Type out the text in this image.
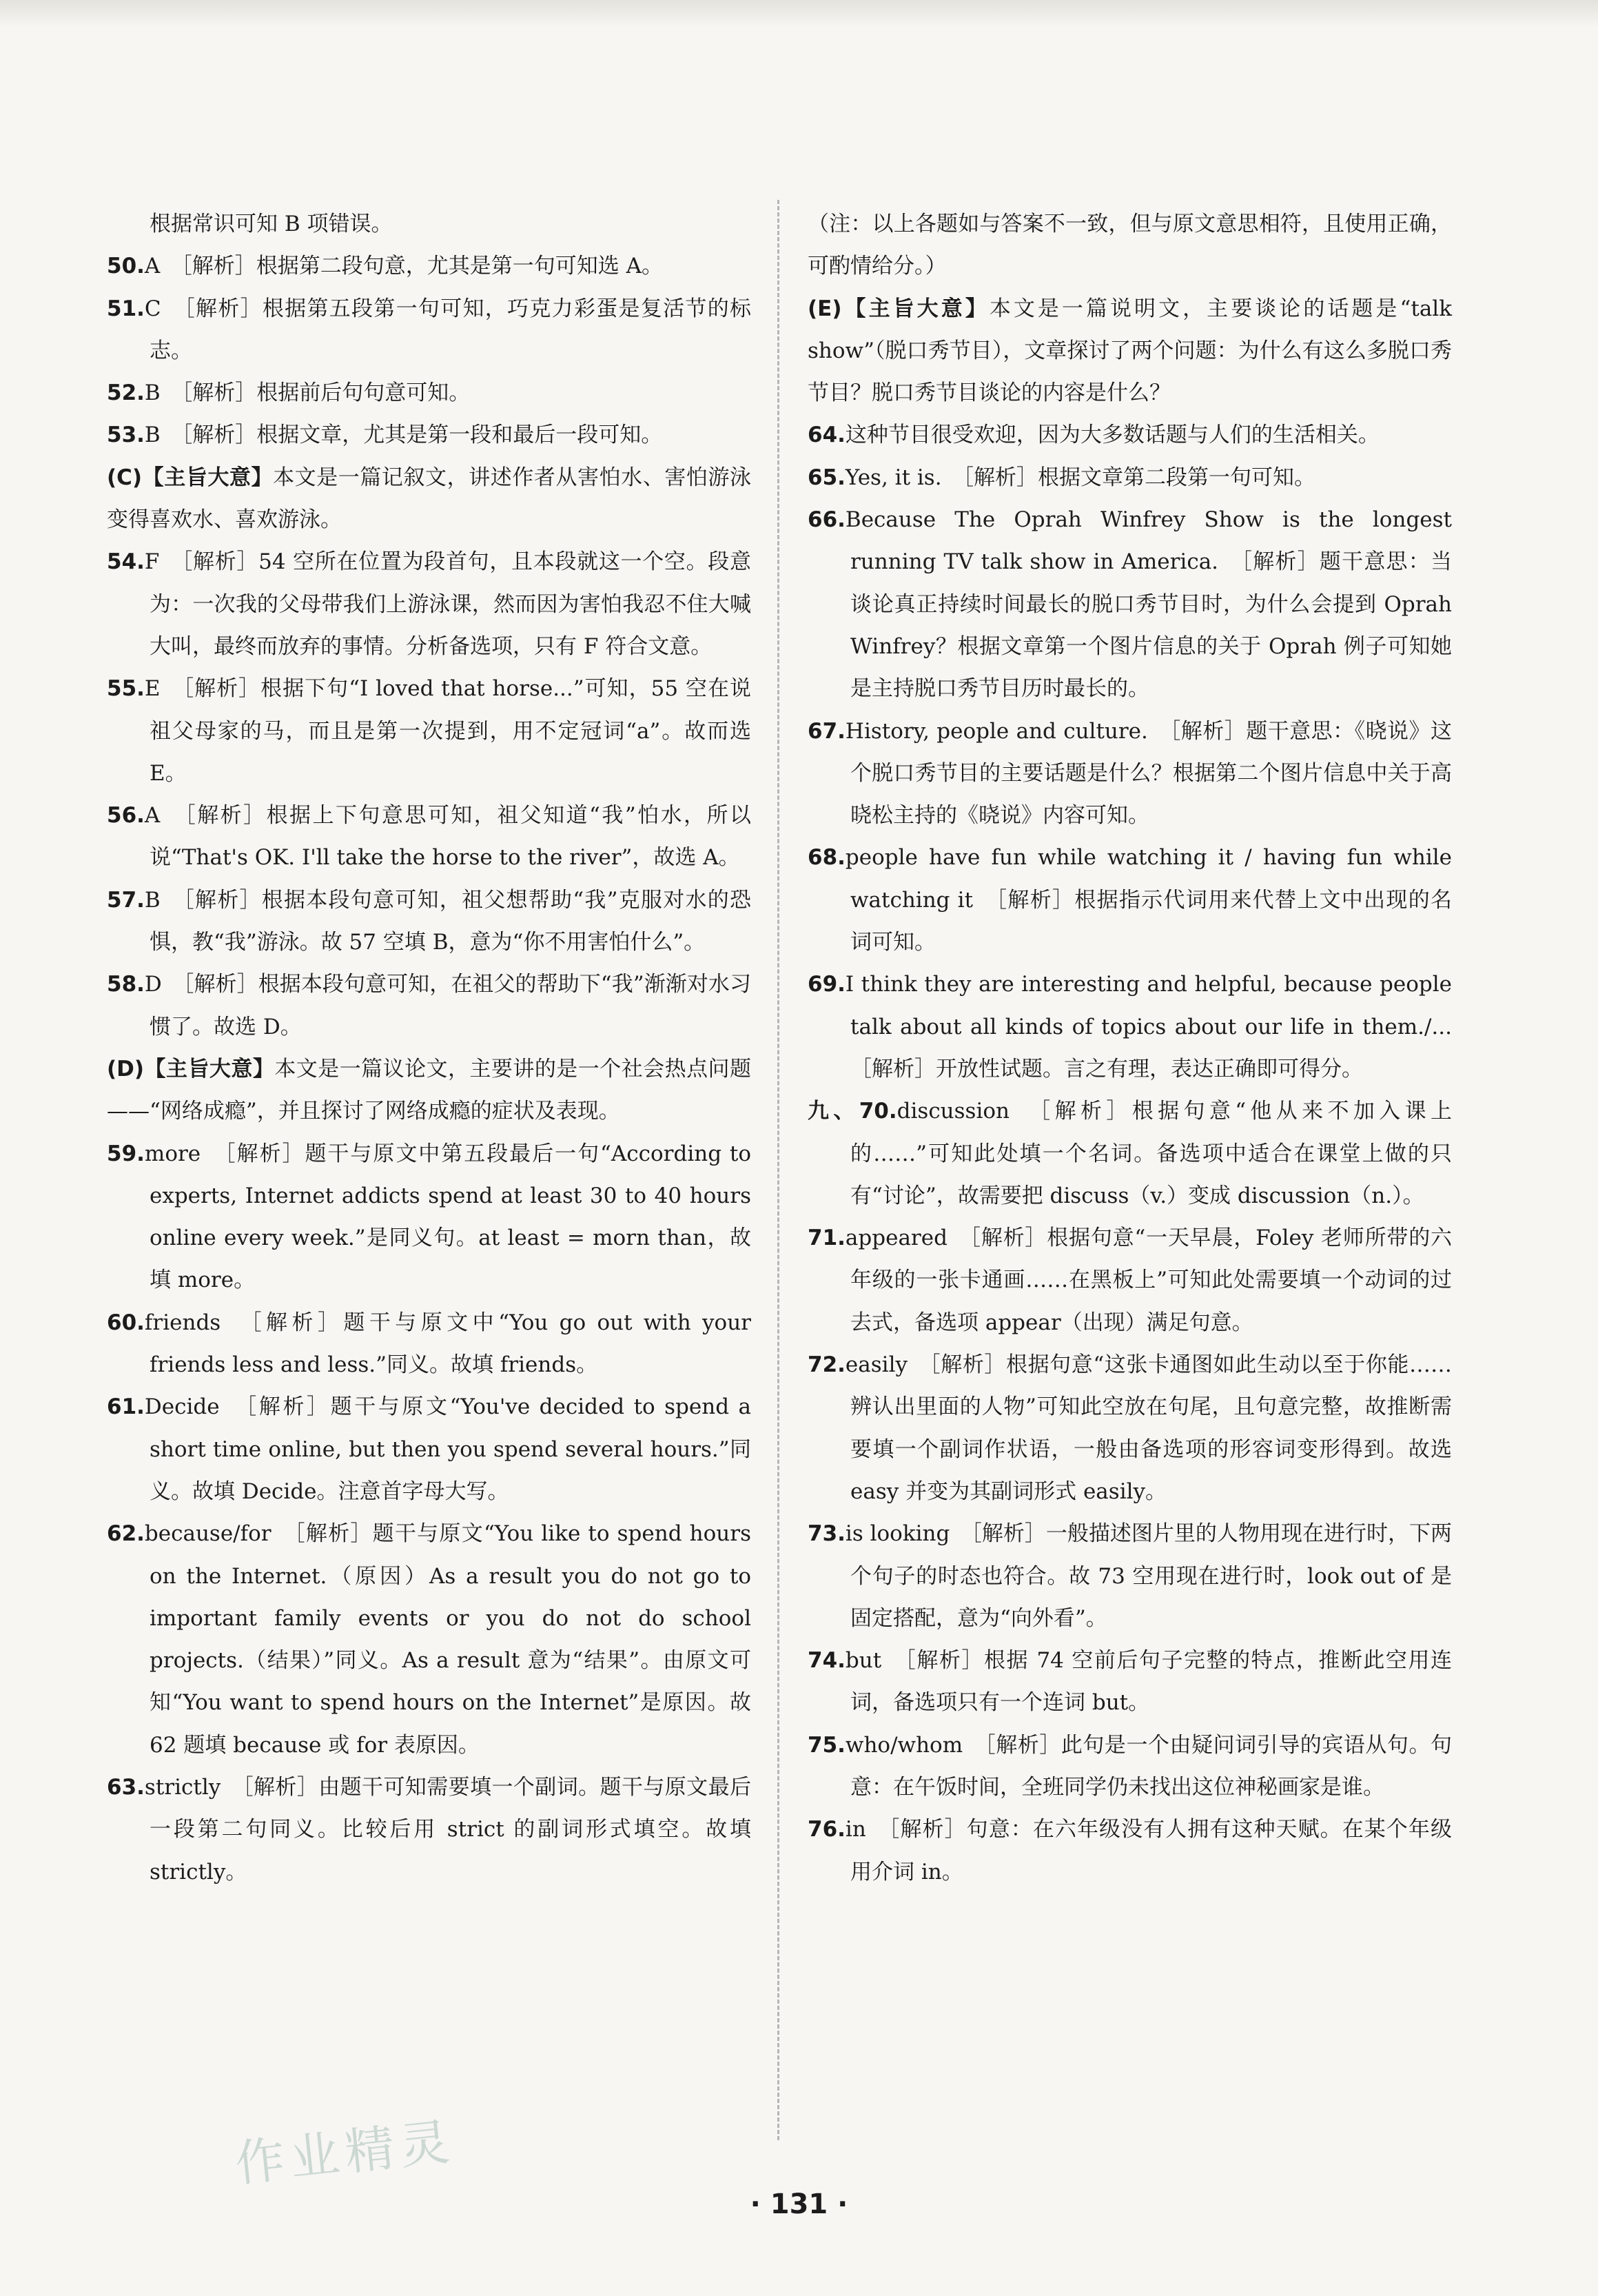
根据常识可知 B 项错误。

50.A　［解析］根据第二段句意，尤其是第一句可知选 A。

51.C　［解析］根据第五段第一句可知，巧克力彩蛋是复活节的标志。

52.B　［解析］根据前后句句意可知。

53.B　［解析］根据文章，尤其是第一段和最后一段可知。

(C)【主旨大意】本文是一篇记叙文，讲述作者从害怕水、害怕游泳变得喜欢水、喜欢游泳。

54.F　［解析］54 空所在位置为段首句，且本段就这一个空。段意为：一次我的父母带我们上游泳课，然而因为害怕我忍不住大喊大叫，最终而放弃的事情。分析备选项，只有 F 符合文意。

55.E　［解析］根据下句“I loved that horse...”可知，55 空在说祖父母家的马，而且是第一次提到，用不定冠词“a”。故而选 E。

56.A　［解析］根据上下句意思可知，祖父知道“我”怕水，所以说“That's OK. I'll take the horse to the river”，故选 A。

57.B　［解析］根据本段句意可知，祖父想帮助“我”克服对水的恐惧，教“我”游泳。故 57 空填 B，意为“你不用害怕什么”。

58.D　［解析］根据本段句意可知，在祖父的帮助下“我”渐渐对水习惯了。故选 D。

(D)【主旨大意】本文是一篇议论文，主要讲的是一个社会热点问题——“网络成瘾”，并且探讨了网络成瘾的症状及表现。

59.more　［解析］题干与原文中第五段最后一句“According to experts, Internet addicts spend at least 30 to 40 hours online every week.”是同义句。at least = morn than，故填 more。

60.friends　［解析］题干与原文中“You go out with your friends less and less.”同义。故填 friends。

61.Decide　［解析］题干与原文“You've decided to spend a short time online, but then you spend several hours.”同义。故填 Decide。注意首字母大写。

62.because/for　［解析］题干与原文“You like to spend hours on the Internet.（原因）As a result you do not go to important family events or you do not do school projects.（结果）”同义。As a result 意为“结果”。由原文可知“You want to spend hours on the Internet”是原因。故 62 题填 because 或 for 表原因。

63.strictly　［解析］由题干可知需要填一个副词。题干与原文最后一段第二句同义。比较后用 strict 的副词形式填空。故填 strictly。

（注：以上各题如与答案不一致，但与原文意思相符，且使用正确，可酌情给分。）

(E)【主旨大意】本文是一篇说明文，主要谈论的话题是“talk show”（脱口秀节目），文章探讨了两个问题：为什么有这么多脱口秀节目？脱口秀节目谈论的内容是什么？

64.这种节目很受欢迎，因为大多数话题与人们的生活相关。

65.Yes, it is.　［解析］根据文章第二段第一句可知。

66.Because The Oprah Winfrey Show is the longest running TV talk show in America.　［解析］题干意思：当谈论真正持续时间最长的脱口秀节目时，为什么会提到 Oprah Winfrey？根据文章第一个图片信息的关于 Oprah 例子可知她是主持脱口秀节目历时最长的。

67.History, people and culture.　［解析］题干意思：《晓说》这个脱口秀节目的主要话题是什么？根据第二个图片信息中关于高晓松主持的《晓说》内容可知。

68.people have fun while watching it / having fun while watching it　［解析］根据指示代词用来代替上文中出现的名词可知。

69.I think they are interesting and helpful, because people talk about all kinds of topics about our life in them./...［解析］开放性试题。言之有理，表达正确即可得分。

九、70.discussion　［解析］根据句意“他从来不加入课上的……”可知此处填一个名词。备选项中适合在课堂上做的只有“讨论”，故需要把 discuss（v.）变成 discussion（n.）。

71.appeared　［解析］根据句意“一天早晨，Foley 老师所带的六年级的一张卡通画……在黑板上”可知此处需要填一个动词的过去式，备选项 appear（出现）满足句意。

72.easily　［解析］根据句意“这张卡通图如此生动以至于你能……辨认出里面的人物”可知此空放在句尾，且句意完整，故推断需要填一个副词作状语，一般由备选项的形容词变形得到。故选 easy 并变为其副词形式 easily。

73.is looking　［解析］一般描述图片里的人物用现在进行时，下两个句子的时态也符合。故 73 空用现在进行时，look out of 是固定搭配，意为“向外看”。

74.but　［解析］根据 74 空前后句子完整的特点，推断此空用连词，备选项只有一个连词 but。

75.who/whom　［解析］此句是一个由疑问词引导的宾语从句。句意：在午饭时间，全班同学仍未找出这位神秘画家是谁。

76.in　［解析］句意：在六年级没有人拥有这种天赋。在某个年级用介词 in。

作业精灵
· 131 ·
